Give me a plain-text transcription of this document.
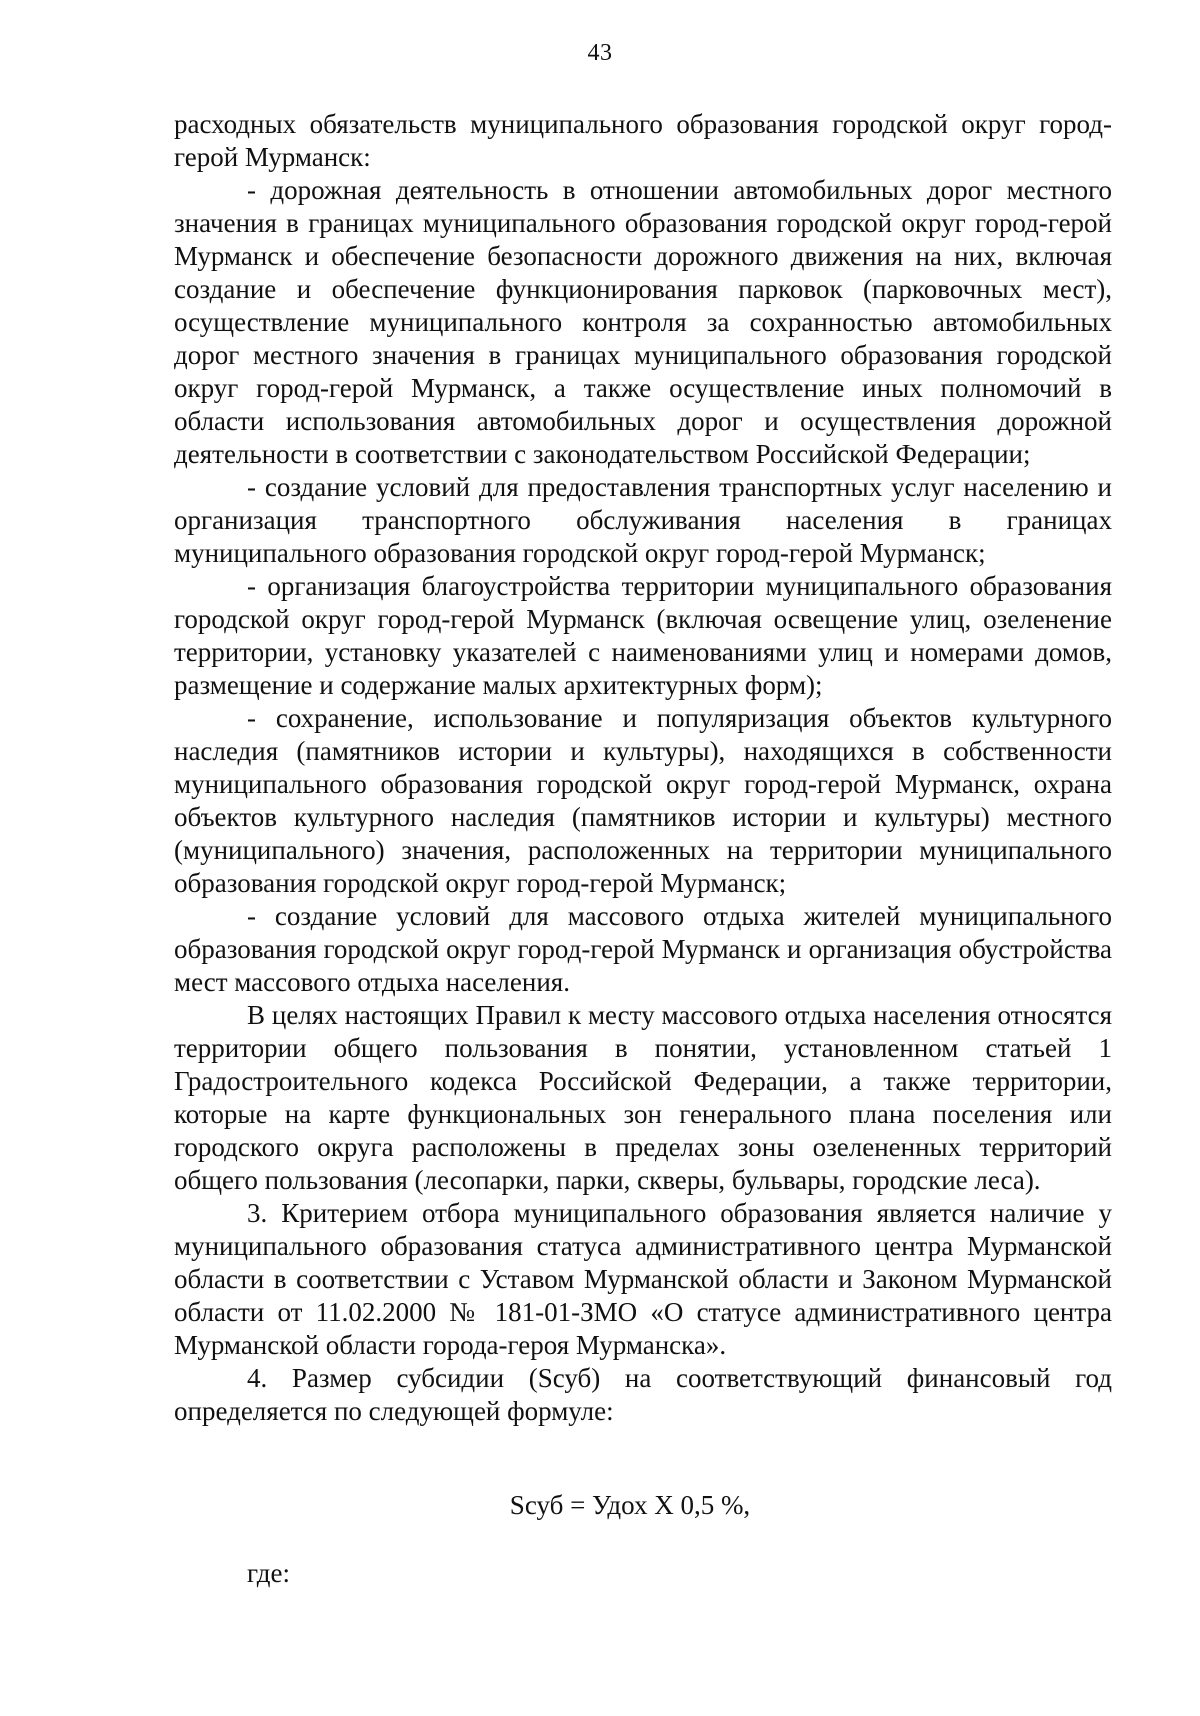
43

расходных обязательств муниципального образования городской округ город-герой Мурманск:

- дорожная деятельность в отношении автомобильных дорог местного значения в границах муниципального образования городской округ город-герой Мурманск и обеспечение безопасности дорожного движения на них, включая создание и обеспечение функционирования парковок (парковочных мест), осуществление муниципального контроля за сохранностью автомобильных дорог местного значения в границах муниципального образования городской округ город-герой Мурманск, а также осуществление иных полномочий в области использования автомобильных дорог и осуществления дорожной деятельности в соответствии с законодательством Российской Федерации;

- создание условий для предоставления транспортных услуг населению и организация транспортного обслуживания населения в границах муниципального образования городской округ город-герой Мурманск;

- организация благоустройства территории муниципального образования городской округ город-герой Мурманск (включая освещение улиц, озеленение территории, установку указателей с наименованиями улиц и номерами домов, размещение и содержание малых архитектурных форм);

- сохранение, использование и популяризация объектов культурного наследия (памятников истории и культуры), находящихся в собственности муниципального образования городской округ город-герой Мурманск, охрана объектов культурного наследия (памятников истории и культуры) местного (муниципального) значения, расположенных на территории муниципального образования городской округ город-герой Мурманск;

- создание условий для массового отдыха жителей муниципального образования городской округ город-герой Мурманск и организация обустройства мест массового отдыха населения.

В целях настоящих Правил к месту массового отдыха населения относятся территории общего пользования в понятии, установленном статьей 1 Градостроительного кодекса Российской Федерации, а также территории, которые на карте функциональных зон генерального плана поселения или городского округа расположены в пределах зоны озелененных территорий общего пользования (лесопарки, парки, скверы, бульвары, городские леса).

3. Критерием отбора муниципального образования является наличие у муниципального образования статуса административного центра Мурманской области в соответствии с Уставом Мурманской области и Законом Мурманской области от 11.02.2000 № 181-01-ЗМО «О статусе административного центра Мурманской области города-героя Мурманска».

4. Размер субсидии (Sсуб) на соответствующий финансовый год определяется по следующей формуле:

Sсуб = Удох Х 0,5 %,
где:
